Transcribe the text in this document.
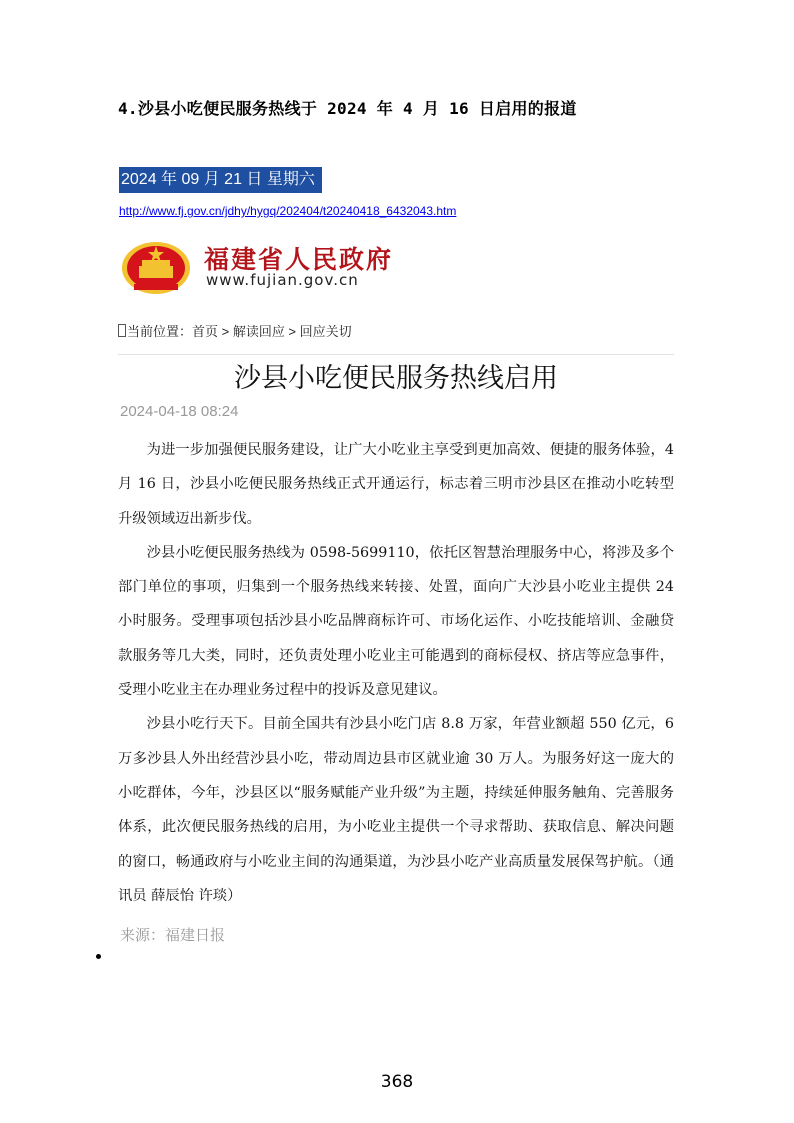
4.沙县小吃便民服务热线于 2024 年 4 月 16 日启用的报道
2024 年 09 月 21 日 星期六
http://www.fj.gov.cn/jdhy/hygq/202404/t20240418_6432043.htm
福建省人民政府
www.fujian.gov.cn
当前位置：首页 > 解读回应 > 回应关切
沙县小吃便民服务热线启用
2024-04-18 08:24

为进一步加强便民服务建设，让广大小吃业主享受到更加高效、便捷的服务体验，4 月 16 日，沙县小吃便民服务热线正式开通运行，标志着三明市沙县区在推动小吃转型升级领域迈出新步伐。

沙县小吃便民服务热线为 0598-5699110，依托区智慧治理服务中心，将涉及多个部门单位的事项，归集到一个服务热线来转接、处置，面向广大沙县小吃业主提供 24 小时服务。受理事项包括沙县小吃品牌商标许可、市场化运作、小吃技能培训、金融贷款服务等几大类，同时，还负责处理小吃业主可能遇到的商标侵权、挤店等应急事件，受理小吃业主在办理业务过程中的投诉及意见建议。

沙县小吃行天下。目前全国共有沙县小吃门店 8.8 万家，年营业额超 550 亿元，6 万多沙县人外出经营沙县小吃，带动周边县市区就业逾 30 万人。为服务好这一庞大的小吃群体，今年，沙县区以“服务赋能产业升级”为主题，持续延伸服务触角、完善服务体系，此次便民服务热线的启用，为小吃业主提供一个寻求帮助、获取信息、解决问题的窗口，畅通政府与小吃业主间的沟通渠道，为沙县小吃产业高质量发展保驾护航。（通讯员 薛辰怡 许琰）

来源：福建日报
368
